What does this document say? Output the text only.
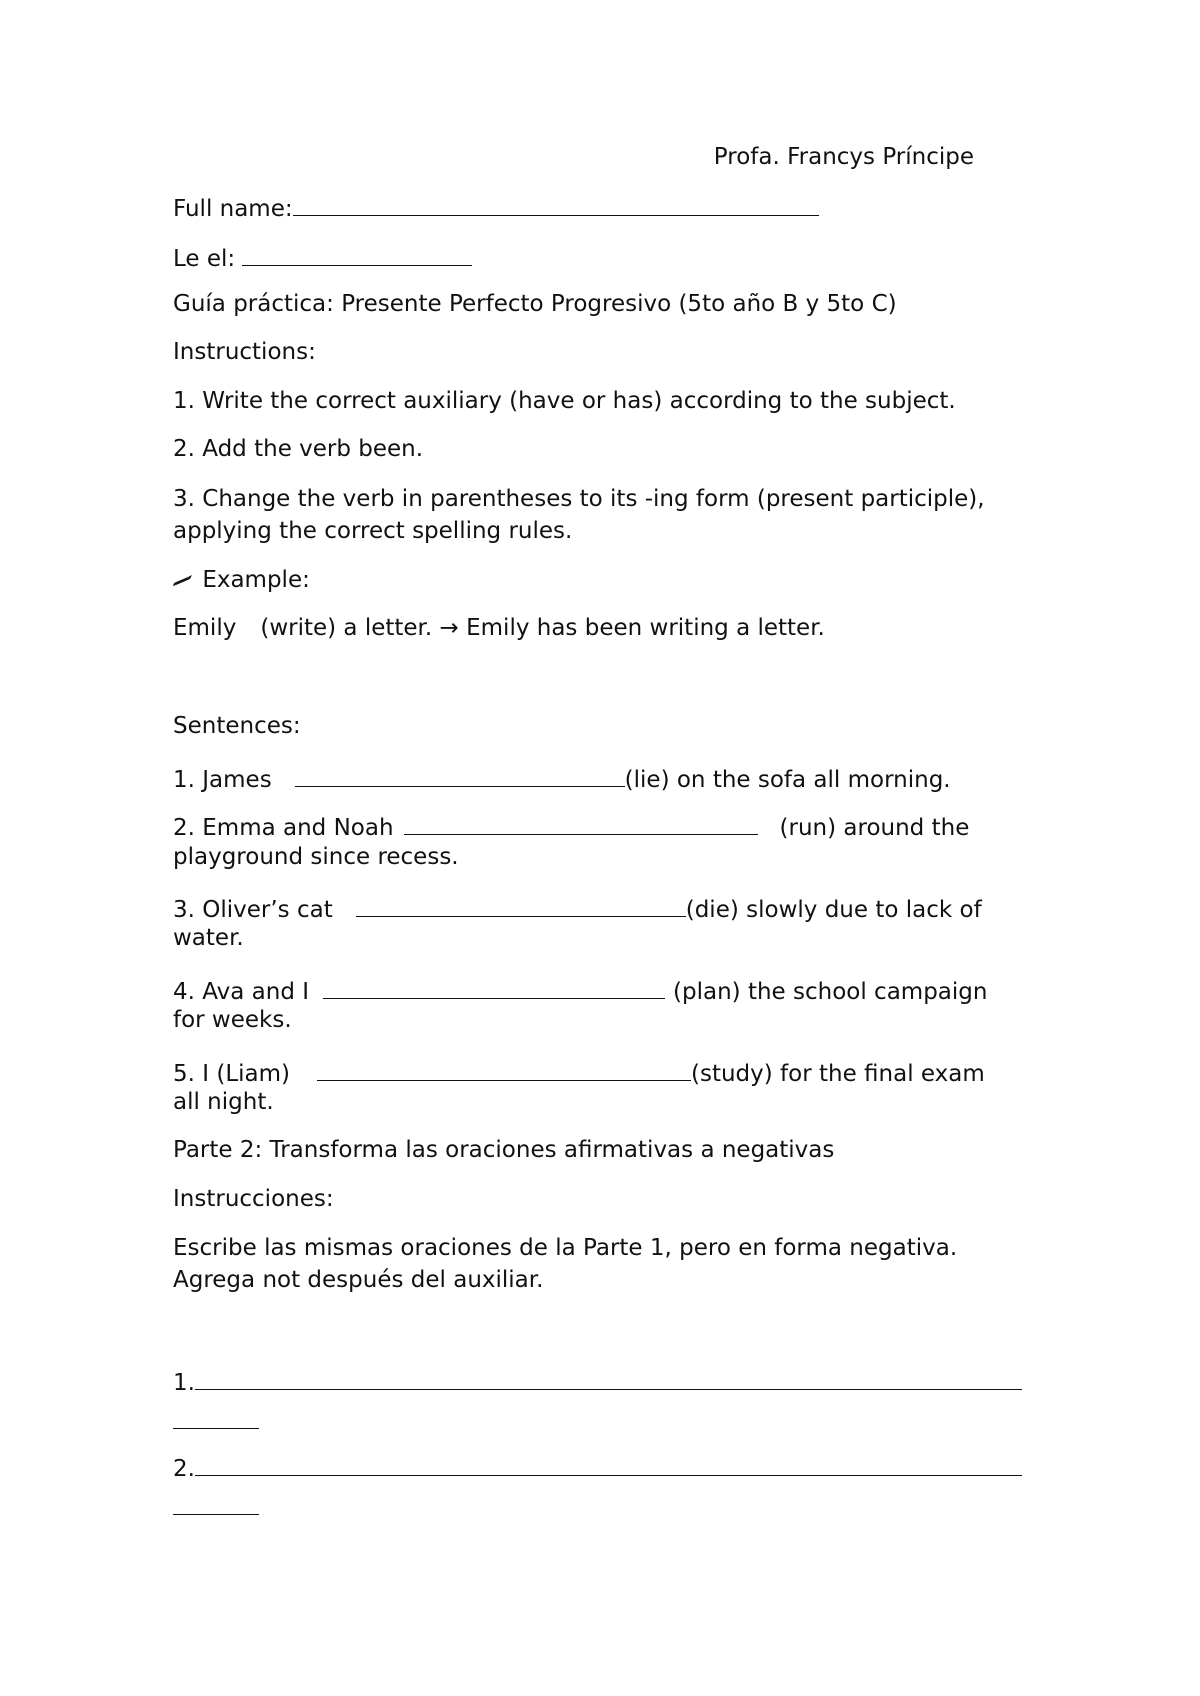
Profa. Francys Príncipe

Full name:

Le el:

Guía práctica: Presente Perfecto Progresivo (5to año B y 5to C)

Instructions:

1. Write the correct auxiliary (have or has) according to the subject.

2. Add the verb been.

3. Change the verb in parentheses to its -ing form (present participle),

applying the correct spelling rules.

Example:

Emily (write) a letter. → Emily has been writing a letter.

Sentences:

1. James	(lie) on the sofa all morning.

2. Emma and Noah	(run) around the

playground since recess.

3. Oliver’s cat	(die) slowly due to lack of

water.

4. Ava and I	(plan) the school campaign

for weeks.

5. I (Liam)	(study) for the final exam

all night.

Parte 2: Transforma las oraciones afirmativas a negativas

Instrucciones:

Escribe las mismas oraciones de la Parte 1, pero en forma negativa.

Agrega not después del auxiliar.

1.

2.
